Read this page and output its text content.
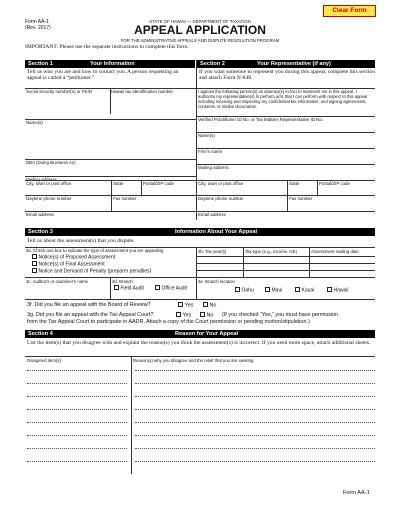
Form AA-1
(Rev. 2017)
STATE OF HAWAII — DEPARTMENT OF TAXATION
APPEAL APPLICATION
FOR THE ADMINISTRATIVE APPEALS AND DISPUTE RESOLUTION PROGRAM
Clear Form
IMPORTANT: Please use the separate instructions to complete this form.
Section 1	Your Information	Section 2	Your Representative (if any)
Tell us who you are and how to contact you. A person requesting an appeal is called a “petitioner.”
If you want someone to represent you during this appeal, complete this section and attach Form N-848.
Social security number(s) or FEIN	Hawaii tax identification number
Name(s)
DBA (Doing Business As)
Mailing address
City, town or post office	State	Postal/ZIP code
Daytime phone number	Fax number
Email address
I appoint the following person(s) as attorney(s)-in-fact to represent me in this appeal. I authorize my representative(s) to perform acts that I can perform with respect to this appeal including receiving and inspecting my confidential tax information, and signing agreements, consents, or similar documents.
Verified Practitioner ID No. or Tax Matters Representative ID No.
Name(s)
Firm's name
Mailing address
City, town or post office	State	Postal/ZIP code
Daytime phone number	Fax number
Email address
Section 3	Information About Your Appeal
Tell us about the assessment(s) that you dispute.
3a. Check one box to indicate the type of assessment you are appealing
Notice(s) of Proposed Assessment
Notice(s) of Final Assessment
Notice and Demand of Penalty (preparer penalties)
3b. Tax year(s)	Tax type (e.g., income, GE)	Assessment mailing date
3c. Auditor's or examiner's name	3d. Branch
Field Audit	Office Audit
3e. Branch location
Oahu	Maui	Kauai	Hawaii
3f. Did you file an appeal with the Board of Review?	Yes	No
3g. Did you file an appeal with the Tax Appeal Court?	Yes	No (If you checked “Yes,” you must have permission
from the Tax Appeal Court to participate in AADR. Attach a copy of the Court permission or pending motion/stipulation.)
Section 4	Reason for Your Appeal
List the item(s) that you disagree with and explain the reason(s) you think the assessment(s) is incorrect. If you need more space, attach additional sheets.
Disagreed item(s)	Reason(s) why you disagree and the relief that you are seeking
Form AA-1
